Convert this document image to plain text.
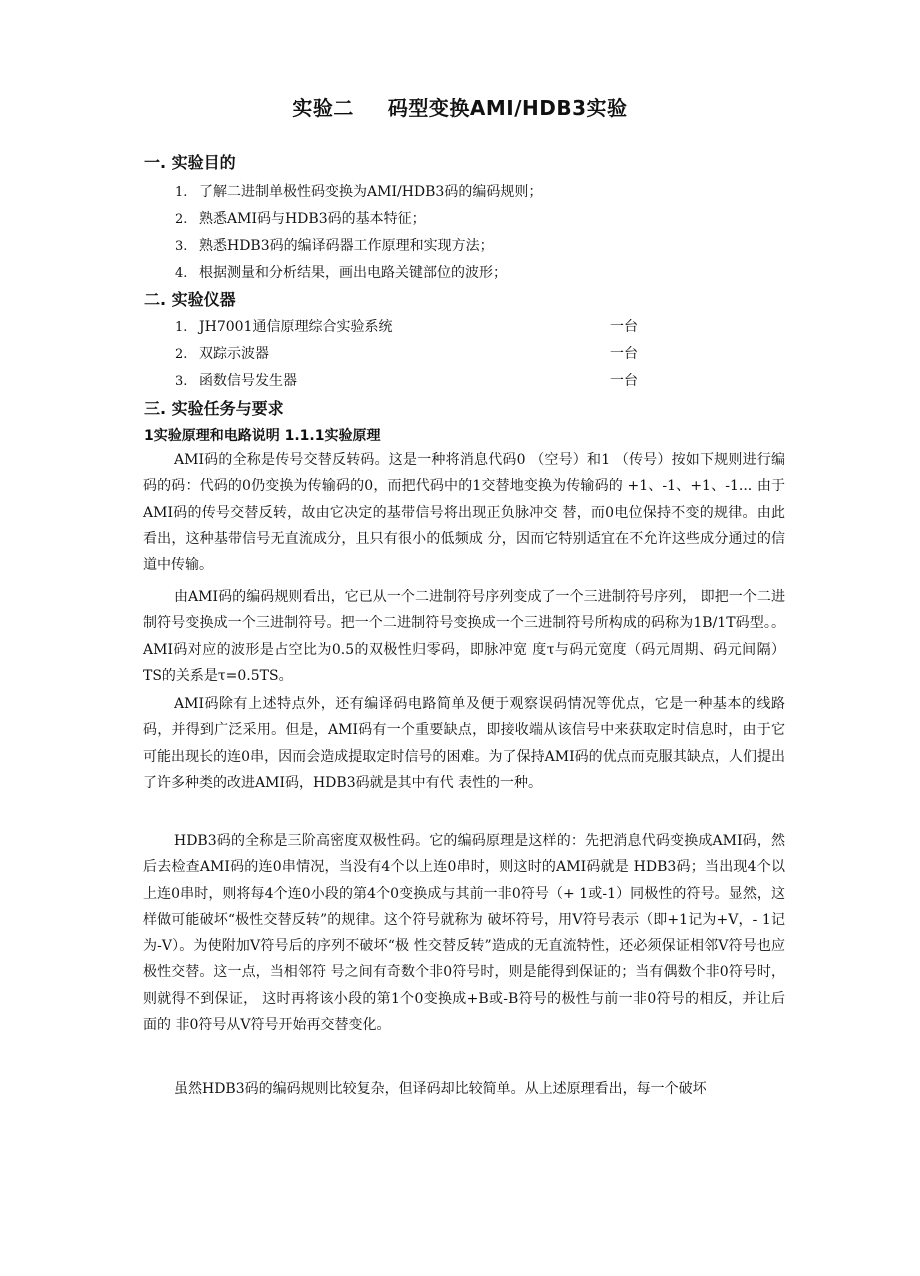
实验二 码型变换AMI/HDB3实验
一. 实验目的
1. 了解二进制单极性码变换为AMI/HDB3码的编码规则；
2. 熟悉AMI码与HDB3码的基本特征；
3. 熟悉HDB3码的编译码器工作原理和实现方法；
4. 根据测量和分析结果，画出电路关键部位的波形；
二. 实验仪器
1. JH7001通信原理综合实验系统	一台
2. 双踪示波器	一台
3. 函数信号发生器	一台
三. 实验任务与要求
1实验原理和电路说明 1.1.1实验原理

AMI码的全称是传号交替反转码。这是一种将消息代码0 （空号）和1 （传号）按如下规则进行编码的码：代码的0仍变换为传输码的0，而把代码中的1交替地变换为传输码的 +1、-1、+1、-1... 由于AMI码的传号交替反转，故由它决定的基带信号将出现正负脉冲交 替，而0电位保持不变的规律。由此看出，这种基带信号无直流成分，且只有很小的低频成 分，因而它特别适宜在不允许这些成分通过的信道中传输。

由AMI码的编码规则看出，它已从一个二进制符号序列变成了一个三进制符号序列， 即把一个二进制符号变换成一个三进制符号。把一个二进制符号变换成一个三进制符号所构成的码称为1B/1T码型。。AMI码对应的波形是占空比为0.5的双极性归零码，即脉冲宽 度τ与码元宽度（码元周期、码元间隔）TS的关系是τ=0.5TS。

AMI码除有上述特点外，还有编译码电路简单及便于观察误码情况等优点，它是一种基本的线路码，并得到广泛采用。但是，AMI码有一个重要缺点，即接收端从该信号中来获取定时信息时，由于它可能出现长的连0串，因而会造成提取定时信号的困难。为了保持AMI码的优点而克服其缺点，人们提出了许多种类的改进AMI码，HDB3码就是其中有代 表性的一种。

HDB3码的全称是三阶高密度双极性码。它的编码原理是这样的：先把消息代码变换成AMI码，然后去检查AMI码的连0串情况，当没有4个以上连0串时，则这时的AMI码就是 HDB3码；当出现4个以上连0串时，则将每4个连0小段的第4个0变换成与其前一非0符号（+ 1或-1）同极性的符号。显然，这样做可能破坏“极性交替反转”的规律。这个符号就称为 破坏符号，用V符号表示（即+1记为+V，- 1记为-V）。为使附加V符号后的序列不破坏“极 性交替反转”造成的无直流特性，还必须保证相邻V符号也应极性交替。这一点，当相邻符 号之间有奇数个非0符号时，则是能得到保证的；当有偶数个非0符号时，则就得不到保证， 这时再将该小段的第1个0变换成+B或-B符号的极性与前一非0符号的相反，并让后面的 非0符号从V符号开始再交替变化。

虽然HDB3码的编码规则比较复杂，但译码却比较简单。从上述原理看出，每一个破坏
